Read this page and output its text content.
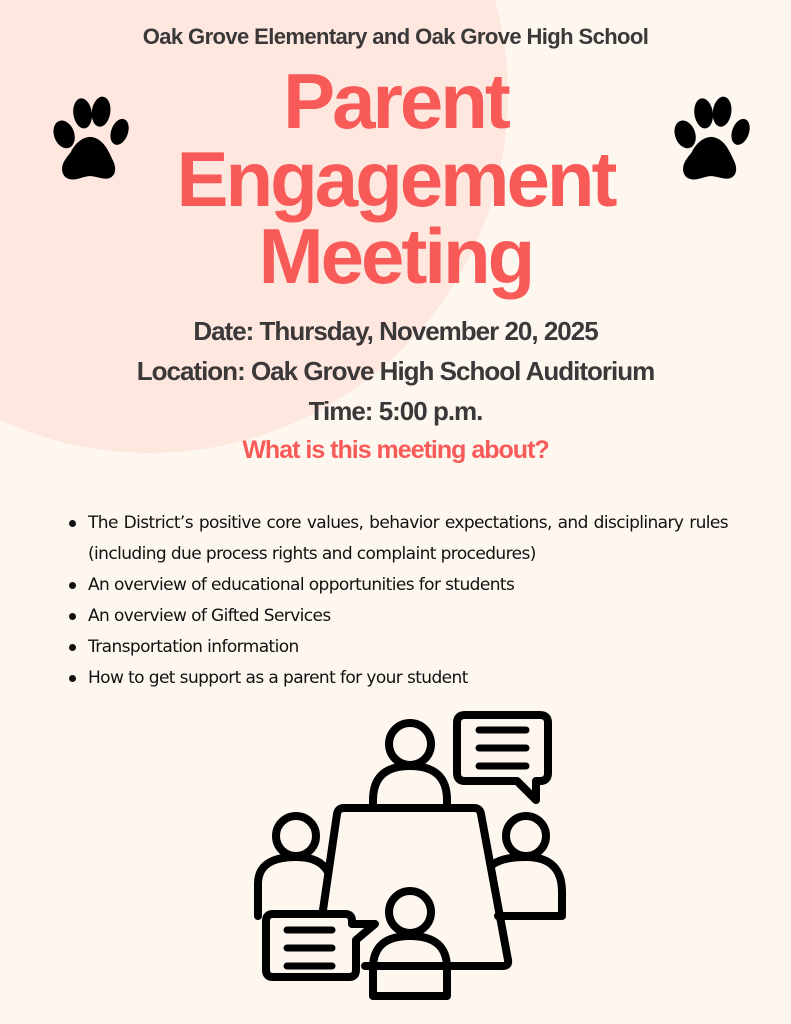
Oak Grove Elementary and Oak Grove High School
Parent
Engagement
Meeting
Date: Thursday, November 20, 2025
Location: Oak Grove High School Auditorium
Time: 5:00 p.m.
What is this meeting about?
The District’s positive core values, behavior expectations, and disciplinary rules (including due process rights and complaint procedures)
An overview of educational opportunities for students
An overview of Gifted Services
Transportation information
How to get support as a parent for your student
